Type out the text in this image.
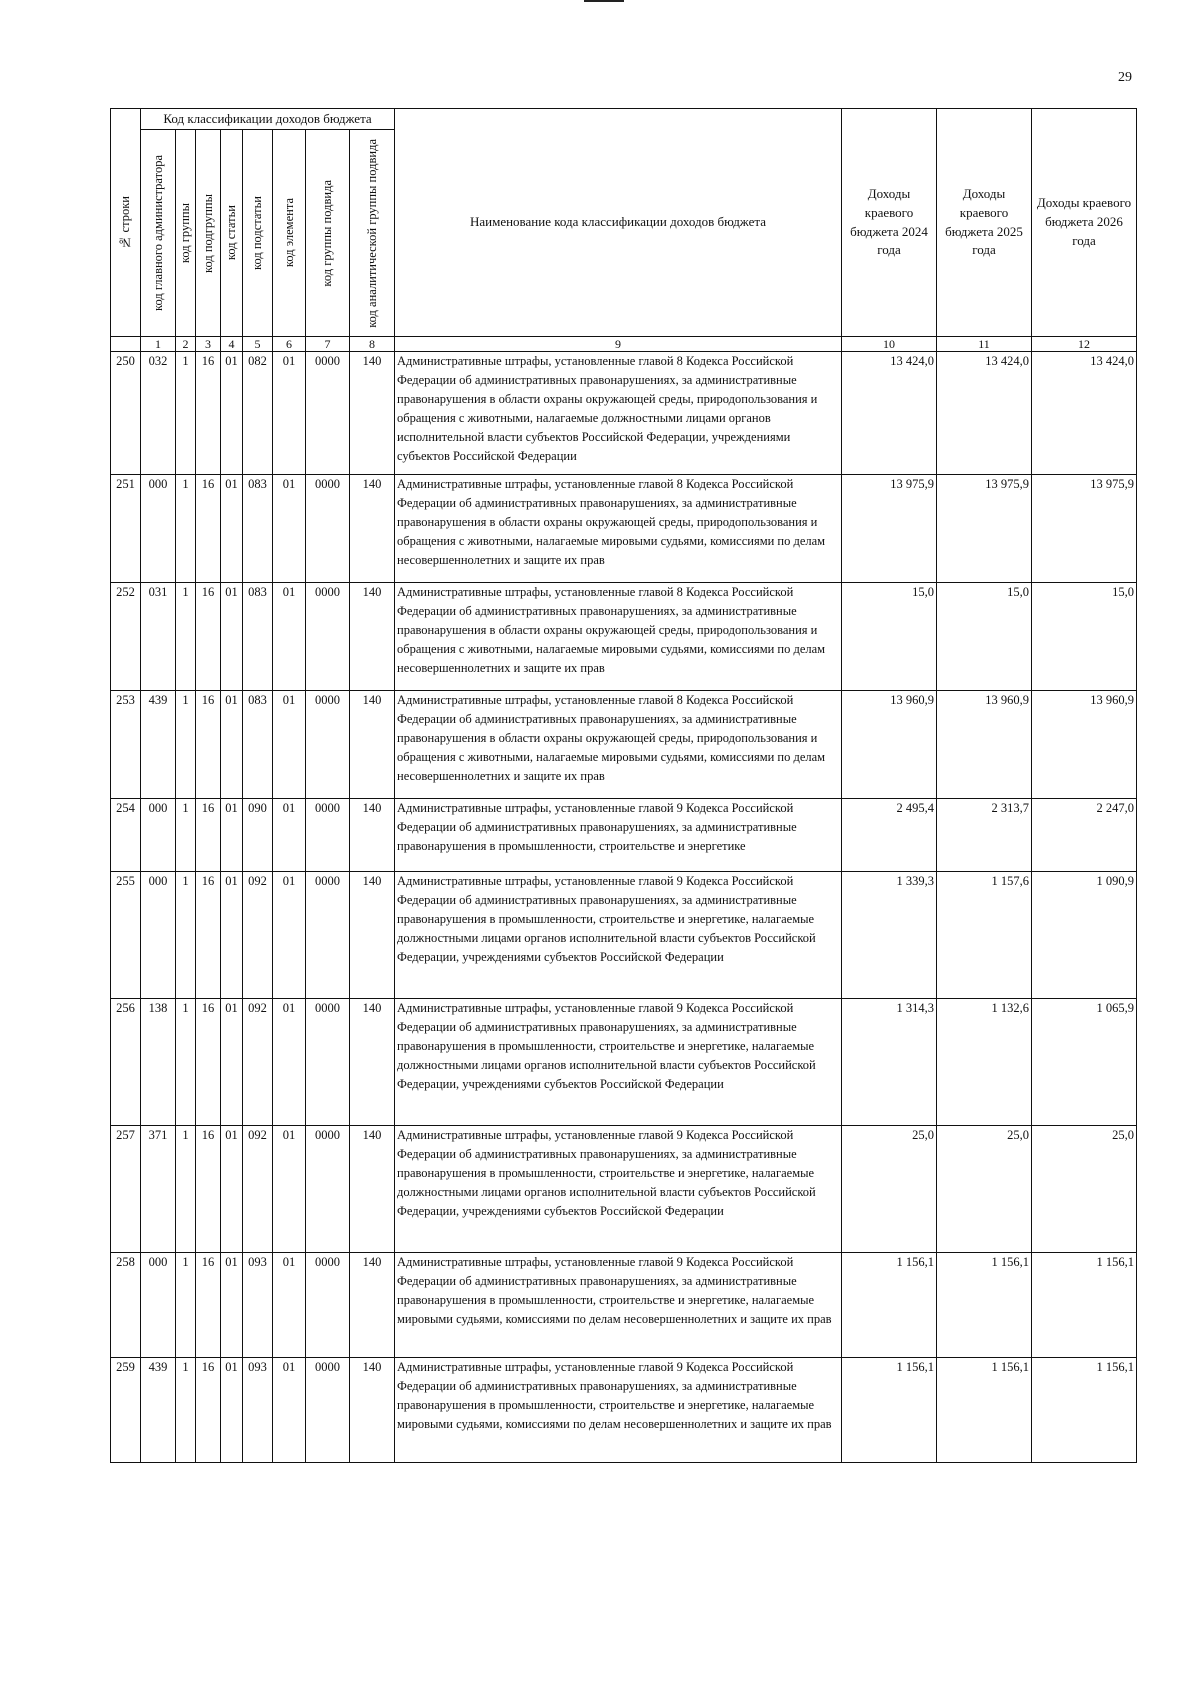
29
№ строки	Код классификации доходов бюджета								Наименование кода классификации доходов бюджета	Доходы краевого бюджета 2024 года	Доходы краевого бюджета 2025 года	Доходы краевого бюджета 2026 года

	код главного администратора	код группы	код подгруппы	код статьи	код подстатьи	код элемента	код группы подвида	код аналитической группы подвида				

	1	2	3	4	5	6	7	8	9	10	11	12
250	032	1	16	01	082	01	0000	140	Административные штрафы, установленные главой 8 Кодекса Российской Федерации об административных правонарушениях, за административные правонарушения в области охраны окружающей среды, природопользования и обращения с животными, налагаемые должностными лицами органов исполнительной власти субъектов Российской Федерации, учреждениями субъектов Российской Федерации	13 424,0	13 424,0	13 424,0
251	000	1	16	01	083	01	0000	140	Административные штрафы, установленные главой 8 Кодекса Российской Федерации об административных правонарушениях, за административные правонарушения в области охраны окружающей среды, природопользования и обращения с животными, налагаемые мировыми судьями, комиссиями по делам несовершеннолетних и защите их прав	13 975,9	13 975,9	13 975,9
252	031	1	16	01	083	01	0000	140	Административные штрафы, установленные главой 8 Кодекса Российской Федерации об административных правонарушениях, за административные правонарушения в области охраны окружающей среды, природопользования и обращения с животными, налагаемые мировыми судьями, комиссиями по делам несовершеннолетних и защите их прав	15,0	15,0	15,0
253	439	1	16	01	083	01	0000	140	Административные штрафы, установленные главой 8 Кодекса Российской Федерации об административных правонарушениях, за административные правонарушения в области охраны окружающей среды, природопользования и обращения с животными, налагаемые мировыми судьями, комиссиями по делам несовершеннолетних и защите их прав	13 960,9	13 960,9	13 960,9
254	000	1	16	01	090	01	0000	140	Административные штрафы, установленные главой 9 Кодекса Российской Федерации об административных правонарушениях, за административные правонарушения в промышленности, строительстве и энергетике	2 495,4	2 313,7	2 247,0
255	000	1	16	01	092	01	0000	140	Административные штрафы, установленные главой 9 Кодекса Российской Федерации об административных правонарушениях, за административные правонарушения в промышленности, строительстве и энергетике, налагаемые должностными лицами органов исполнительной власти субъектов Российской Федерации, учреждениями субъектов Российской Федерации	1 339,3	1 157,6	1 090,9
256	138	1	16	01	092	01	0000	140	Административные штрафы, установленные главой 9 Кодекса Российской Федерации об административных правонарушениях, за административные правонарушения в промышленности, строительстве и энергетике, налагаемые должностными лицами органов исполнительной власти субъектов Российской Федерации, учреждениями субъектов Российской Федерации	1 314,3	1 132,6	1 065,9
257	371	1	16	01	092	01	0000	140	Административные штрафы, установленные главой 9 Кодекса Российской Федерации об административных правонарушениях, за административные правонарушения в промышленности, строительстве и энергетике, налагаемые должностными лицами органов исполнительной власти субъектов Российской Федерации, учреждениями субъектов Российской Федерации	25,0	25,0	25,0
258	000	1	16	01	093	01	0000	140	Административные штрафы, установленные главой 9 Кодекса Российской Федерации об административных правонарушениях, за административные правонарушения в промышленности, строительстве и энергетике, налагаемые мировыми судьями, комиссиями по делам несовершеннолетних и защите их прав	1 156,1	1 156,1	1 156,1
259	439	1	16	01	093	01	0000	140	Административные штрафы, установленные главой 9 Кодекса Российской Федерации об административных правонарушениях, за административные правонарушения в промышленности, строительстве и энергетике, налагаемые мировыми судьями, комиссиями по делам несовершеннолетних и защите их прав	1 156,1	1 156,1	1 156,1
